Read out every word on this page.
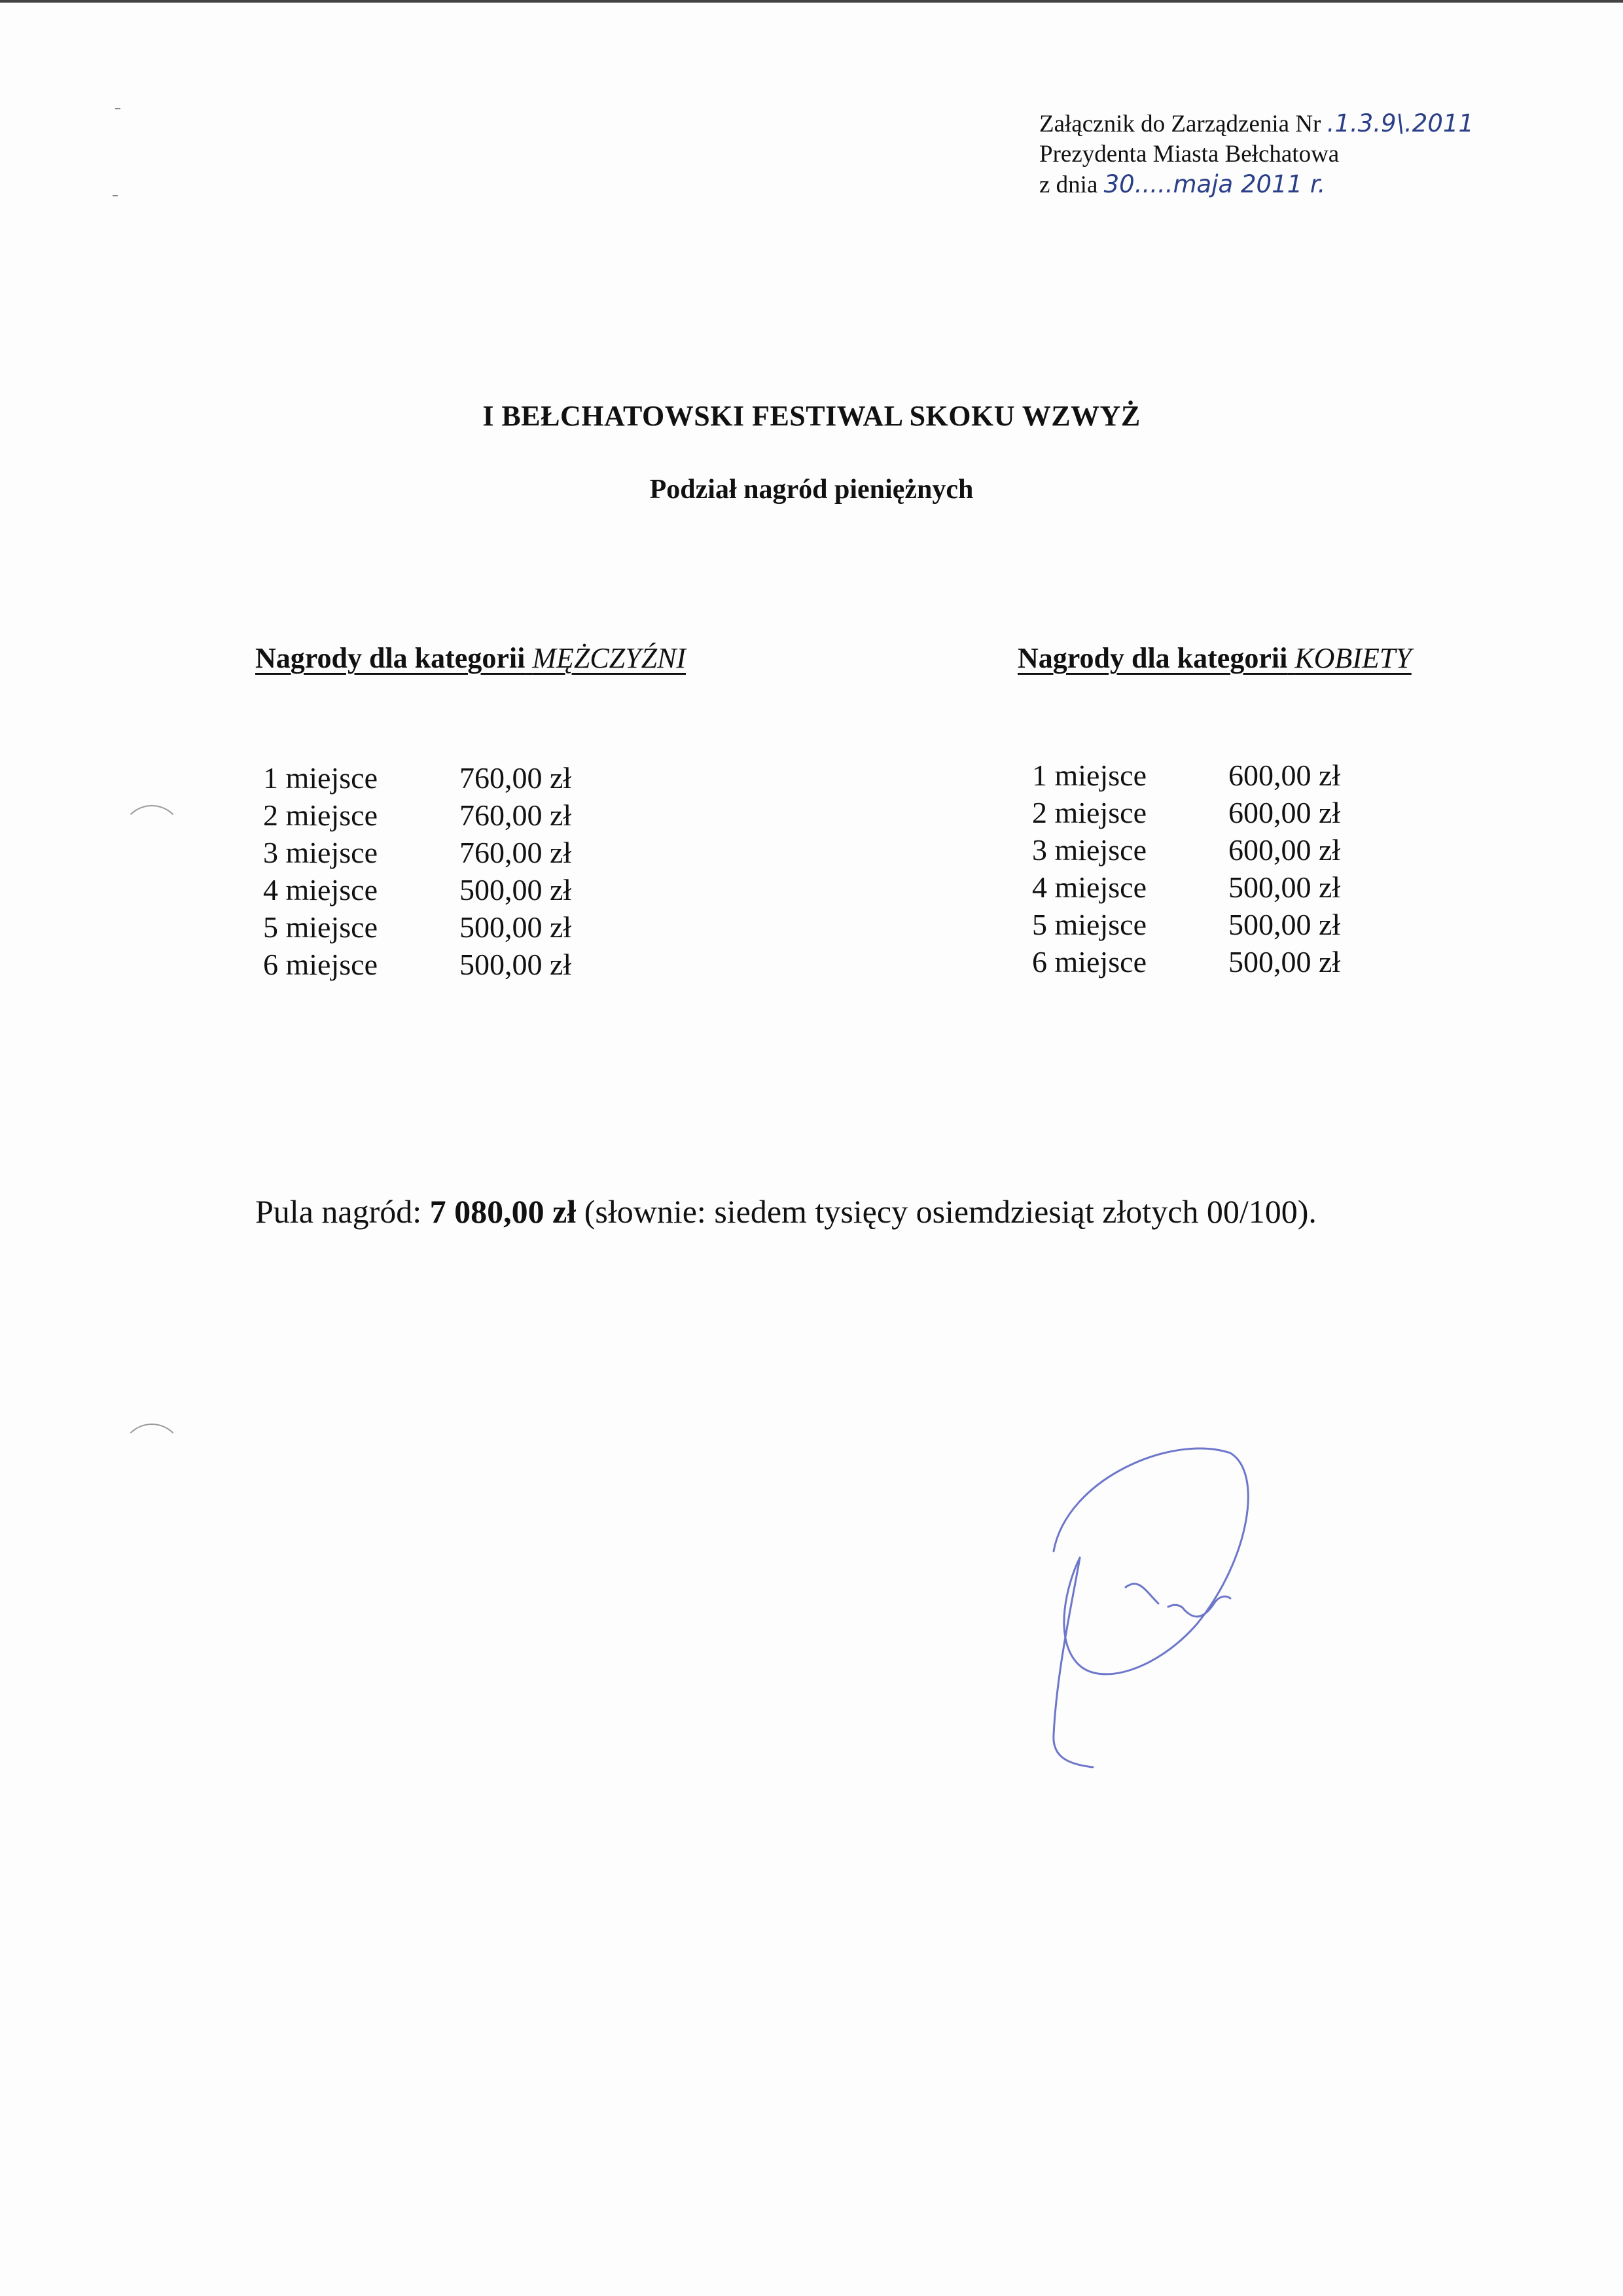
Załącznik do Zarządzenia Nr .1.3.9\.2011
Prezydenta Miasta Bełchatowa
z dnia 30.....maja 2011 r.
I BEŁCHATOWSKI FESTIWAL SKOKU WZWYŻ
Podział nagród pieniężnych
Nagrody dla kategorii MĘŻCZYŹNI	Nagrody dla kategorii KOBIETY
1 miejsce	760,00 zł
2 miejsce	760,00 zł
3 miejsce	760,00 zł
4 miejsce	500,00 zł
5 miejsce	500,00 zł
6 miejsce	500,00 zł
1 miejsce	600,00 zł
2 miejsce	600,00 zł
3 miejsce	600,00 zł
4 miejsce	500,00 zł
5 miejsce	500,00 zł
6 miejsce	500,00 zł
Pula nagród: 7 080,00 zł (słownie: siedem tysięcy osiemdziesiąt złotych 00/100).
